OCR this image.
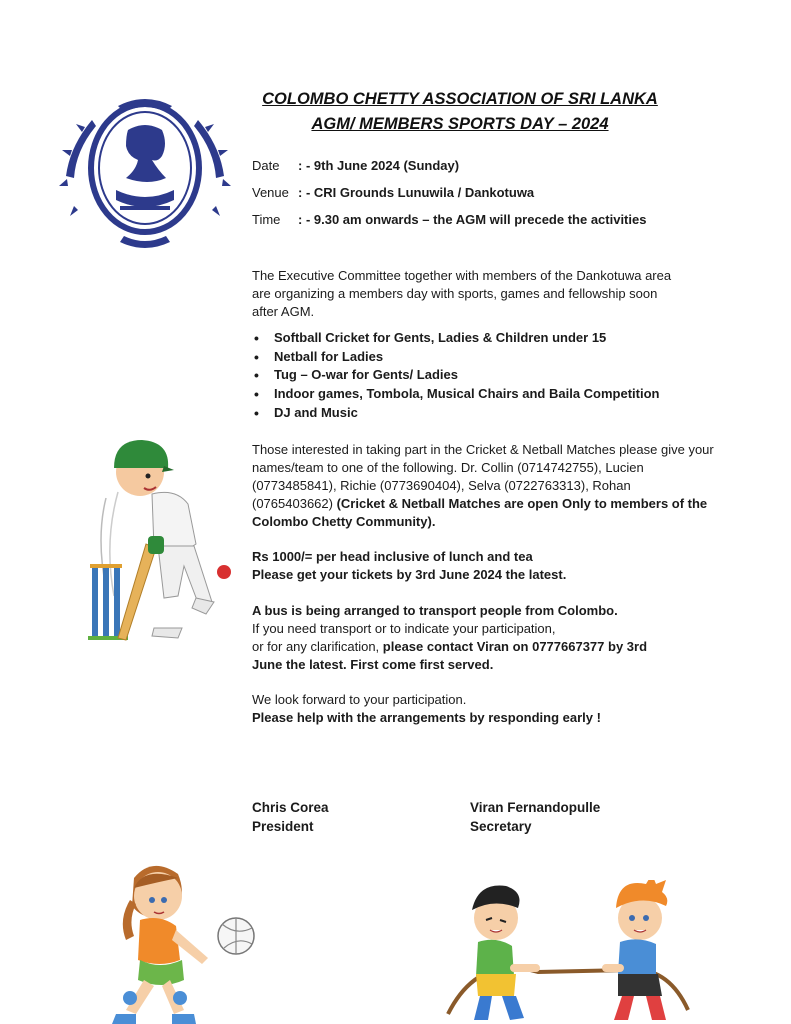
COLOMBO CHETTY ASSOCIATION OF SRI LANKA
AGM/ MEMBERS SPORTS DAY – 2024
Date : - 9th June 2024 (Sunday)
Venue : - CRI Grounds Lunuwila / Dankotuwa
Time : - 9.30 am onwards – the AGM will precede the activities
The Executive Committee together with members of the Dankotuwa area are organizing a members day with sports, games and fellowship soon after AGM.
• Softball Cricket for Gents, Ladies & Children under 15
• Netball for Ladies
• Tug – O-war for Gents/ Ladies
• Indoor games, Tombola, Musical Chairs and Baila Competition
• DJ and Music
Those interested in taking part in the Cricket & Netball Matches please give your names/team to one of the following. Dr. Collin (0714742755), Lucien (0773485841), Richie (0773690404), Selva (0722763313), Rohan (0765403662) (Cricket & Netball Matches are open Only to members of the Colombo Chetty Community).
Rs 1000/= per head inclusive of lunch and tea
Please get your tickets by 3rd June 2024 the latest.
A bus is being arranged to transport people from Colombo.
If you need transport or to indicate your participation,
or for any clarification, please contact Viran on 0777667377 by 3rd June the latest. First come first served.
We look forward to your participation.
Please help with the arrangements by responding early !
Chris Corea
President
Viran Fernandopulle
Secretary
